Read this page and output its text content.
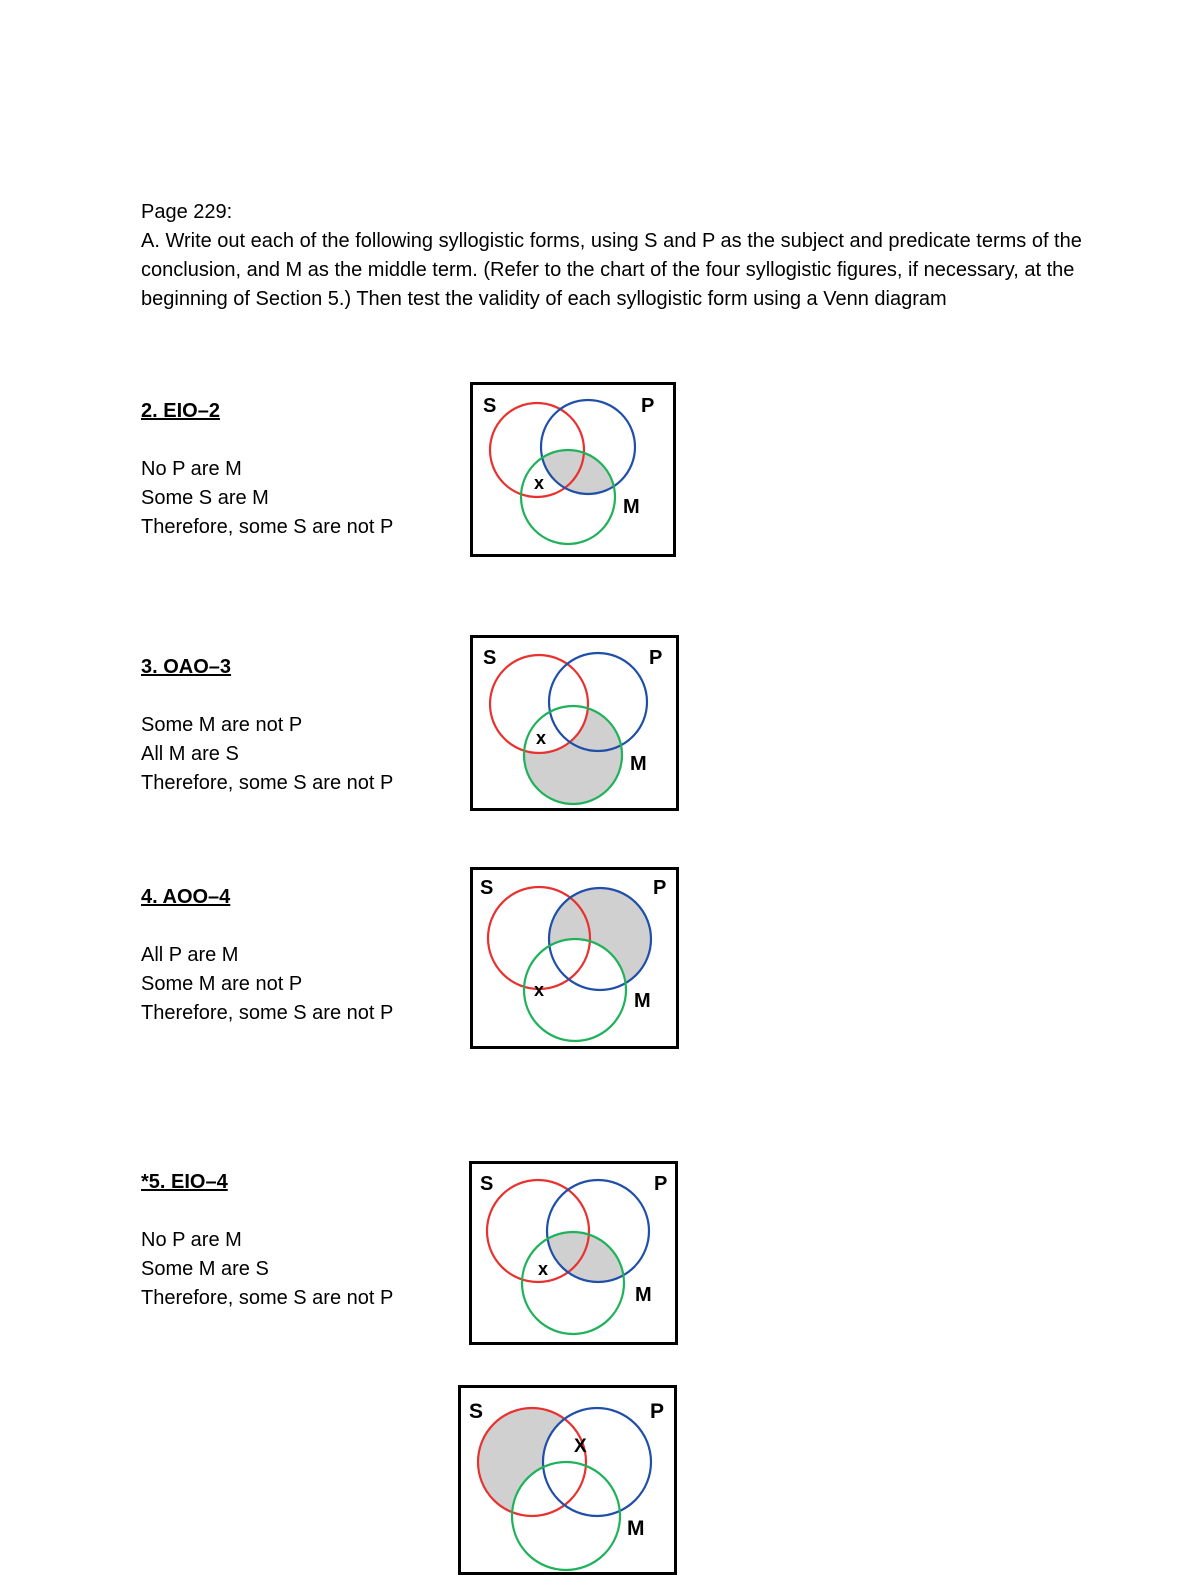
Page 229:

A. Write out each of the following syllogistic forms, using S and P as the subject and predicate terms of the conclusion, and M as the middle term. (Refer to the chart of the four syllogistic figures, if necessary, at the beginning of Section 5.) Then test the validity of each syllogistic form using a Venn diagram

2. EIO–2

No P are M

Some S are M

Therefore, some S are not P

S	P
M
x

3. OAO–3

Some M are not P

All M are S

Therefore, some S are not P

S	P
M
x

4. AOO–4

All P are M

Some M are not P

Therefore, some S are not P

S	P
M
x

*5. EIO–4

No P are M

Some M are S

Therefore, some S are not P

S	P
M
x
S	P
M
X
